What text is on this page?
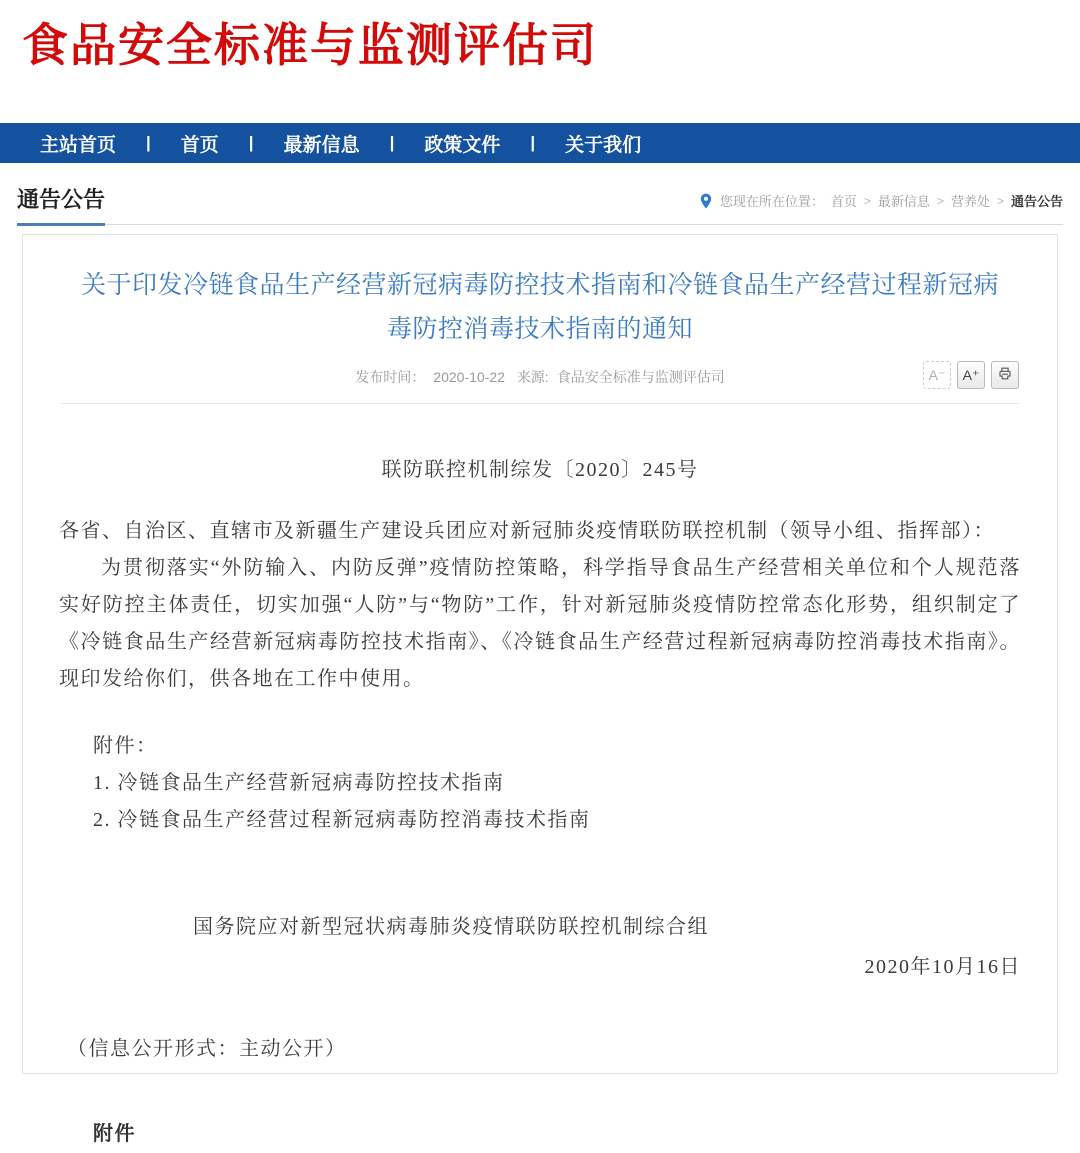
食品安全标准与监测评估司
主站首页 | 首页 | 最新信息 | 政策文件 | 关于我们
通告公告	您现在所在位置： 首页 > 最新信息 > 营养处 > 通告公告
关于印发冷链食品生产经营新冠病毒防控技术指南和冷链食品生产经营过程新冠病毒防控消毒技术指南的通知
发布时间： 2020-10-22 来源: 食品安全标准与监测评估司	A⁻	A⁺

联防联控机制综发〔2020〕245号

各省、自治区、直辖市及新疆生产建设兵团应对新冠肺炎疫情联防联控机制（领导小组、指挥部）：

为贯彻落实“外防输入、内防反弹”疫情防控策略，科学指导食品生产经营相关单位和个人规范落实好防控主体责任，切实加强“人防”与“物防”工作，针对新冠肺炎疫情防控常态化形势，组织制定了《冷链食品生产经营新冠病毒防控技术指南》、《冷链食品生产经营过程新冠病毒防控消毒技术指南》。现印发给你们，供各地在工作中使用。

附件：

1. 冷链食品生产经营新冠病毒防控技术指南

2. 冷链食品生产经营过程新冠病毒防控消毒技术指南

国务院应对新型冠状病毒肺炎疫情联防联控机制综合组

2020年10月16日

（信息公开形式：主动公开）

附件
